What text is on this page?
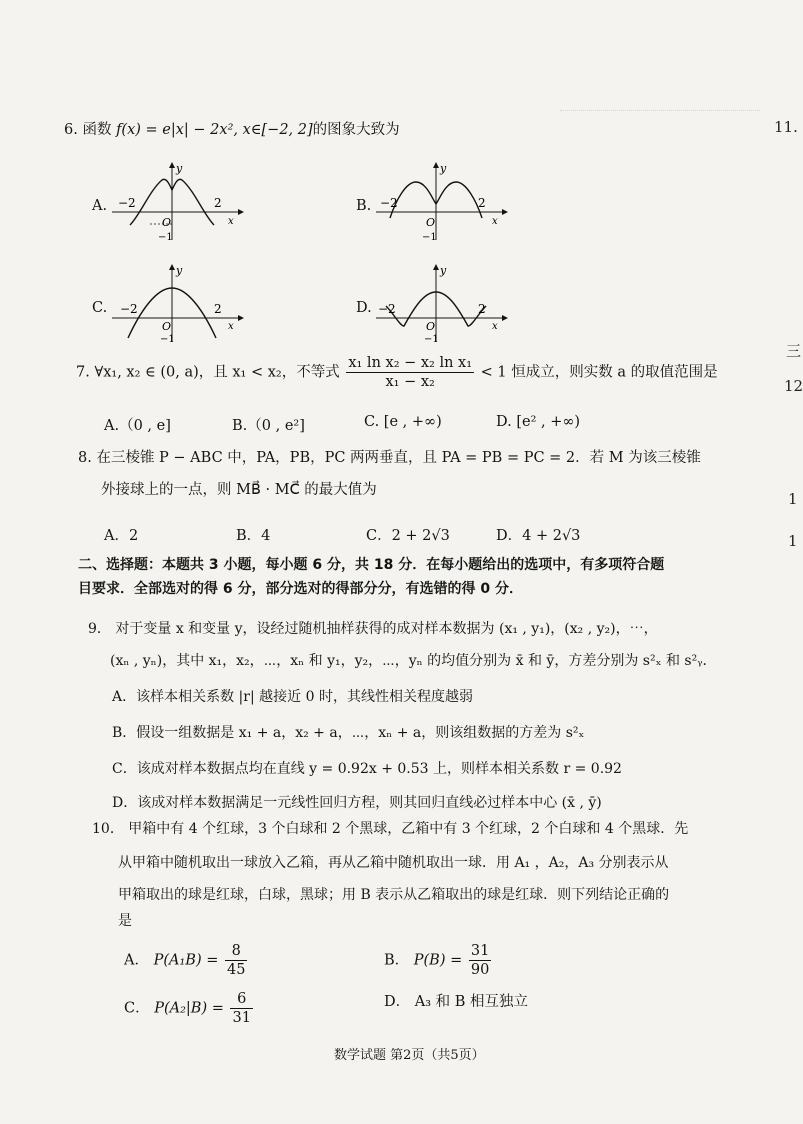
11.
三
12
1
1
6. 函数 f(x) = e|x| − 2x², x∈[−2, 2]的图象大致为
A.
y
−2	2
O	x
−1
B.
y
−2	2
O	x
−1
C.
y
−2	2
O	x
−1
D.
y
−2	2
O	x
−1
7. ∀x₁, x₂ ∈ (0, a)，且 x₁ < x₂，不等式 $\frac{\text{x₁ ln x₂ − x₂ ln x₁}}{\text{x₁ − x₂}} < 1$ 恒成立，则实数 a 的取值范围是
A.（0 , e]	B.（0 , e²]	C. [e , +∞)	D. [e² , +∞)
8. 在三棱锥 P − ABC 中，PA，PB，PC 两两垂直，且 PA = PB = PC = 2．若 M 为该三棱锥
外接球上的一点，则 MB⃗ · MC⃗ 的最大值为
A．2	B．4	C．2 + 2√3	D．4 + 2√3
二、选择题：本题共 3 小题，每小题 6 分，共 18 分．在每小题给出的选项中，有多项符合题
目要求．全部选对的得 6 分，部分选对的得部分分，有选错的得 0 分．
9． 对于变量 x 和变量 y，设经过随机抽样获得的成对样本数据为 (x₁ , y₁)，(x₂ , y₂)，⋯，
(xₙ , yₙ)，其中 x₁，x₂，⋯，xₙ 和 y₁，y₂，⋯，yₙ 的均值分别为 x̄ 和 ȳ，方差分别为 s²ₓ 和 s²ᵧ．
A．该样本相关系数 |r| 越接近 0 时，其线性相关程度越弱
B．假设一组数据是 x₁ + a，x₂ + a，⋯，xₙ + a，则该组数据的方差为 s²ₓ
C．该成对样本数据点均在直线 y = 0.92x + 0.53 上，则样本相关系数 r = 0.92
D．该成对样本数据满足一元线性回归方程，则其回归直线必过样本中心 (x̄ , ȳ)
10． 甲箱中有 4 个红球，3 个白球和 2 个黑球，乙箱中有 3 个红球，2 个白球和 4 个黑球．先
从甲箱中随机取出一球放入乙箱，再从乙箱中随机取出一球．用 A₁ ，A₂，A₃ 分别表示从
甲箱取出的球是红球，白球，黑球；用 B 表示从乙箱取出的球是红球．则下列结论正确的
是
A． $P(A_1B) = \frac{8}{45}$	B． $P(B) = \frac{31}{90}$
C． $P(A_2|B) = \frac{6}{31}$	D． A₃ 和 B 相互独立
数学试题 第2页（共5页）
